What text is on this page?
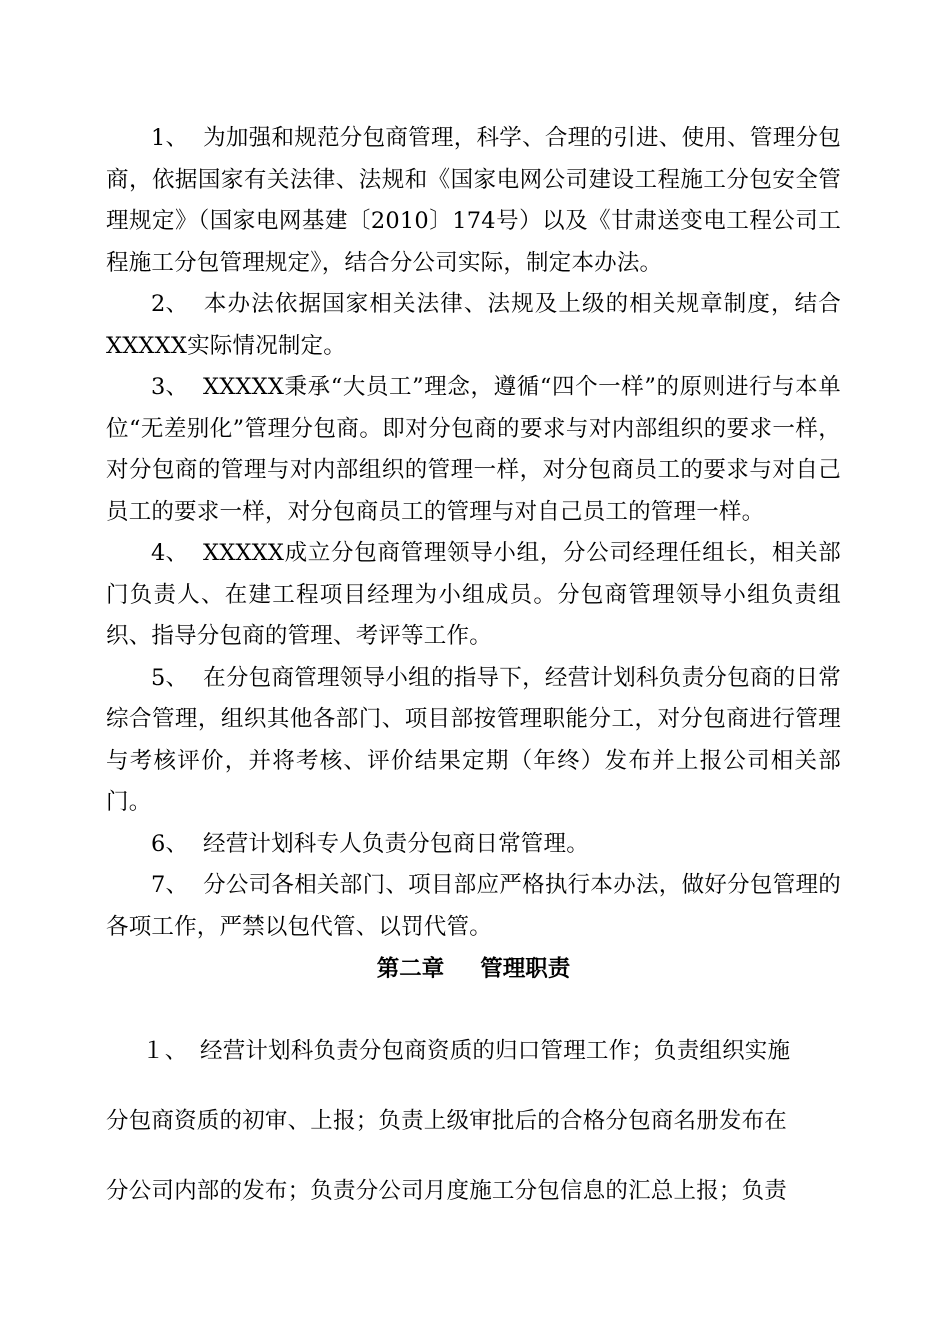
1、 为加强和规范分包商管理，科学、合理的引进、使用、管理分包商，依据国家有关法律、法规和《国家电网公司建设工程施工分包安全管理规定》（国家电网基建〔2010〕174号）以及《甘肃送变电工程公司工程施工分包管理规定》，结合分公司实际，制定本办法。

2、 本办法依据国家相关法律、法规及上级的相关规章制度，结合XXXXX实际情况制定。

3、 XXXXX秉承“大员工”理念，遵循“四个一样”的原则进行与本单位“无差别化”管理分包商。即对分包商的要求与对内部组织的要求一样，对分包商的管理与对内部组织的管理一样，对分包商员工的要求与对自己员工的要求一样，对分包商员工的管理与对自己员工的管理一样。

4、 XXXXX成立分包商管理领导小组，分公司经理任组长，相关部门负责人、在建工程项目经理为小组成员。分包商管理领导小组负责组织、指导分包商的管理、考评等工作。

5、 在分包商管理领导小组的指导下，经营计划科负责分包商的日常综合管理，组织其他各部门、项目部按管理职能分工，对分包商进行管理与考核评价，并将考核、评价结果定期（年终）发布并上报公司相关部门。

6、 经营计划科专人负责分包商日常管理。

7、 分公司各相关部门、项目部应严格执行本办法，做好分包管理的各项工作，严禁以包代管、以罚代管。

第二章 管理职责

１、 经营计划科负责分包商资质的归口管理工作；负责组织实施

分包商资质的初审、上报；负责上级审批后的合格分包商名册发布在

分公司内部的发布；负责分公司月度施工分包信息的汇总上报；负责
